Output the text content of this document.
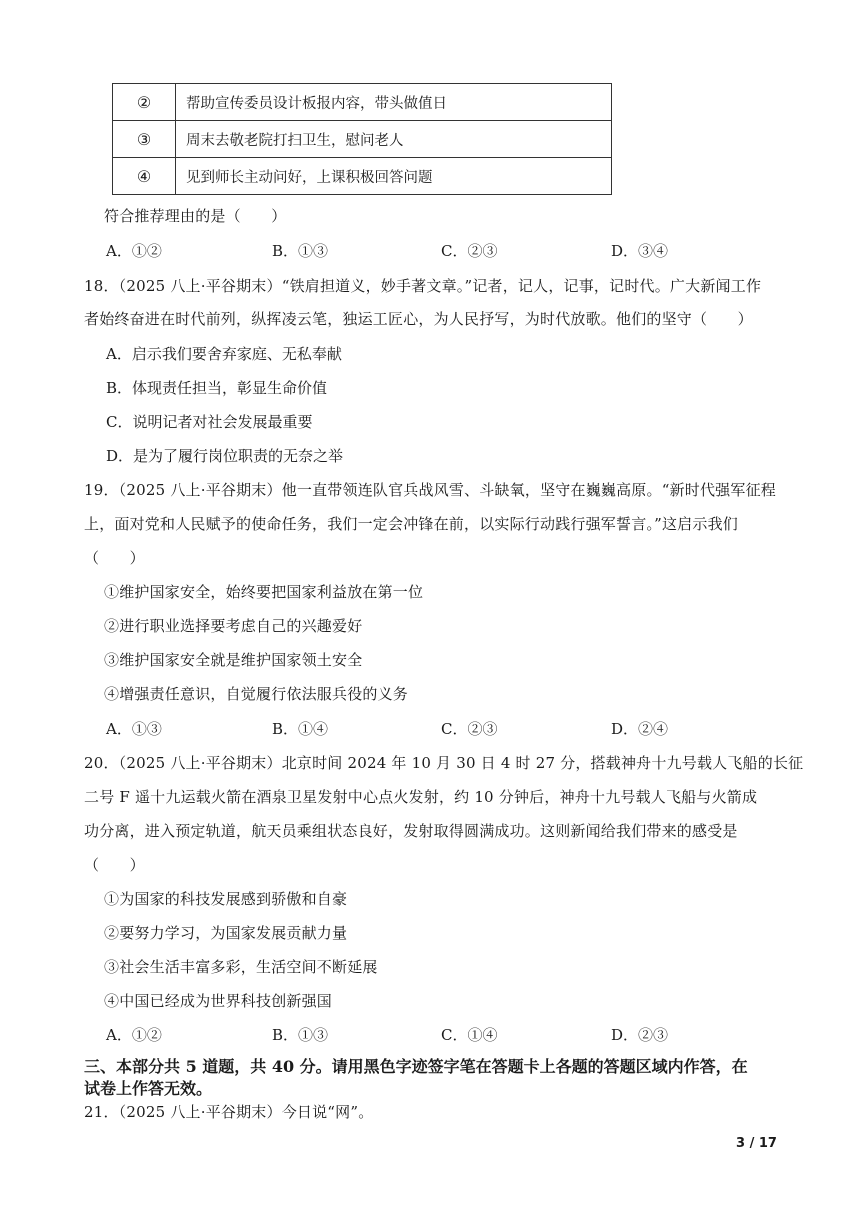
②	帮助宣传委员设计板报内容，带头做值日
③	周末去敬老院打扫卫生，慰问老人
④	见到师长主动问好，上课积极回答问题
符合推荐理由的是（　　）
A．①②	B．①③	C．②③	D．③④
18．（2025 八上·平谷期末）“铁肩担道义，妙手著文章。”记者，记人，记事，记时代。广大新闻工作
者始终奋进在时代前列，纵挥凌云笔，独运工匠心，为人民抒写，为时代放歌。他们的坚守（　　）
A．启示我们要舍弃家庭、无私奉献
B．体现责任担当，彰显生命价值
C．说明记者对社会发展最重要
D．是为了履行岗位职责的无奈之举
19．（2025 八上·平谷期末）他一直带领连队官兵战风雪、斗缺氧，坚守在巍巍高原。“新时代强军征程
上，面对党和人民赋予的使命任务，我们一定会冲锋在前，以实际行动践行强军誓言。”这启示我们
（　　）
①维护国家安全，始终要把国家利益放在第一位
②进行职业选择要考虑自己的兴趣爱好
③维护国家安全就是维护国家领土安全
④增强责任意识，自觉履行依法服兵役的义务
A．①③	B．①④	C．②③	D．②④
20．（2025 八上·平谷期末）北京时间 2024 年 10 月 30 日 4 时 27 分，搭载神舟十九号载人飞船的长征
二号 F 遥十九运载火箭在酒泉卫星发射中心点火发射，约 10 分钟后，神舟十九号载人飞船与火箭成
功分离，进入预定轨道，航天员乘组状态良好，发射取得圆满成功。这则新闻给我们带来的感受是
（　　）
①为国家的科技发展感到骄傲和自豪
②要努力学习，为国家发展贡献力量
③社会生活丰富多彩，生活空间不断延展
④中国已经成为世界科技创新强国
A．①②	B．①③	C．①④	D．②③
三、本部分共 5 道题，共 40 分。请用黑色字迹签字笔在答题卡上各题的答题区域内作答，在
试卷上作答无效。
21．（2025 八上·平谷期末）今日说“网”。
3 / 17
